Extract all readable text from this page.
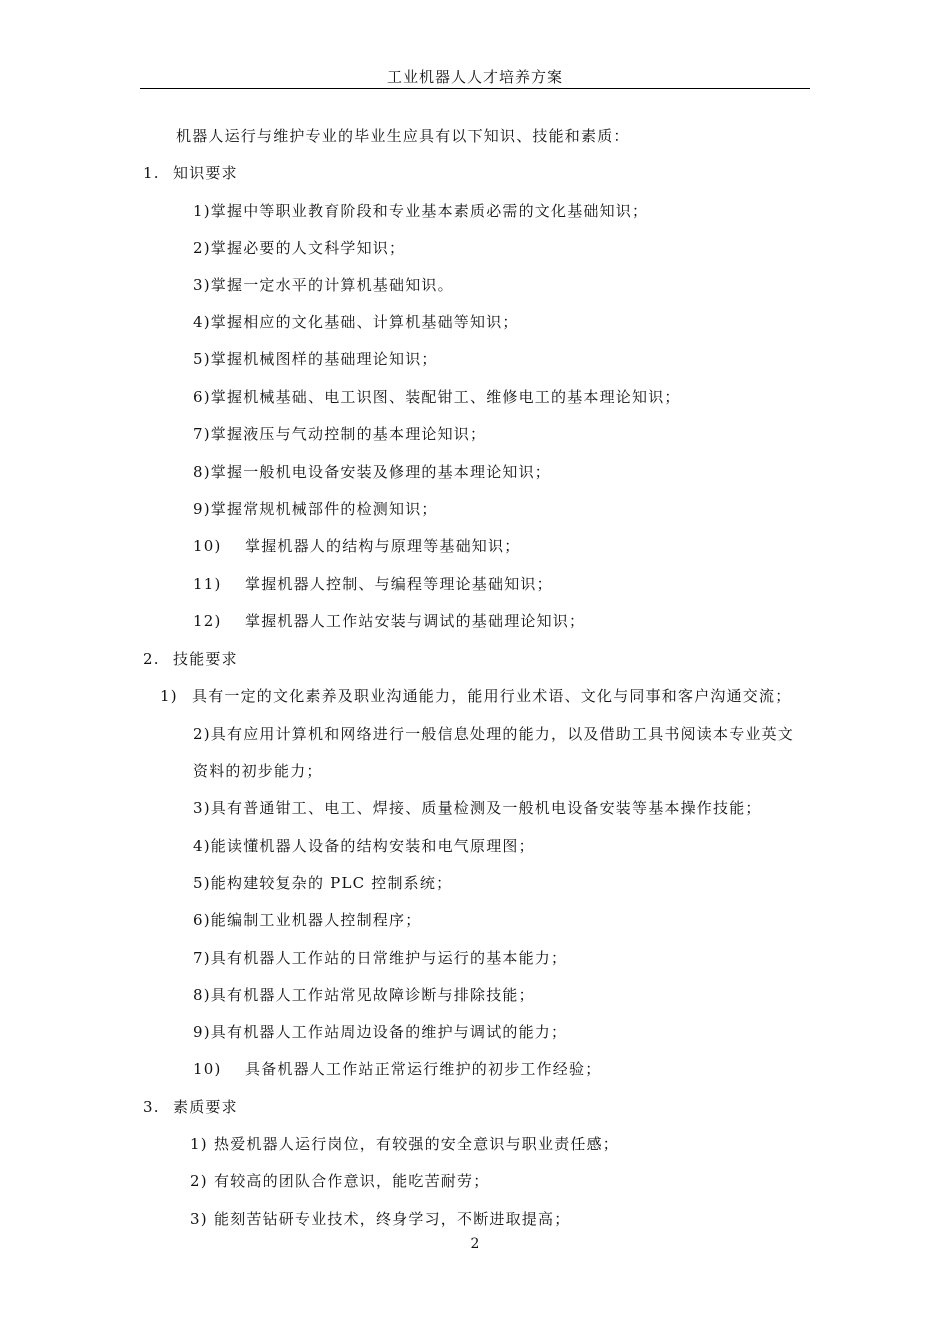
工业机器人人才培养方案
机器人运行与维护专业的毕业生应具有以下知识、技能和素质：
1. 知识要求
1)掌握中等职业教育阶段和专业基本素质必需的文化基础知识；
2)掌握必要的人文科学知识；
3)掌握一定水平的计算机基础知识。
4)掌握相应的文化基础、计算机基础等知识；
5)掌握机械图样的基础理论知识；
6)掌握机械基础、电工识图、装配钳工、维修电工的基本理论知识；
7)掌握液压与气动控制的基本理论知识；
8)掌握一般机电设备安装及修理的基本理论知识；
9)掌握常规机械部件的检测知识；
10) 掌握机器人的结构与原理等基础知识；
11) 掌握机器人控制、与编程等理论基础知识；
12) 掌握机器人工作站安装与调试的基础理论知识；
2. 技能要求
1) 具有一定的文化素养及职业沟通能力，能用行业术语、文化与同事和客户沟通交流；
2)具有应用计算机和网络进行一般信息处理的能力，以及借助工具书阅读本专业英文
资料的初步能力；
3)具有普通钳工、电工、焊接、质量检测及一般机电设备安装等基本操作技能；
4)能读懂机器人设备的结构安装和电气原理图；
5)能构建较复杂的 PLC 控制系统；
6)能编制工业机器人控制程序；
7)具有机器人工作站的日常维护与运行的基本能力；
8)具有机器人工作站常见故障诊断与排除技能；
9)具有机器人工作站周边设备的维护与调试的能力；
10) 具备机器人工作站正常运行维护的初步工作经验；
3. 素质要求
1) 热爱机器人运行岗位，有较强的安全意识与职业责任感；
2) 有较高的团队合作意识，能吃苦耐劳；
3) 能刻苦钻研专业技术，终身学习，不断进取提高；
2
